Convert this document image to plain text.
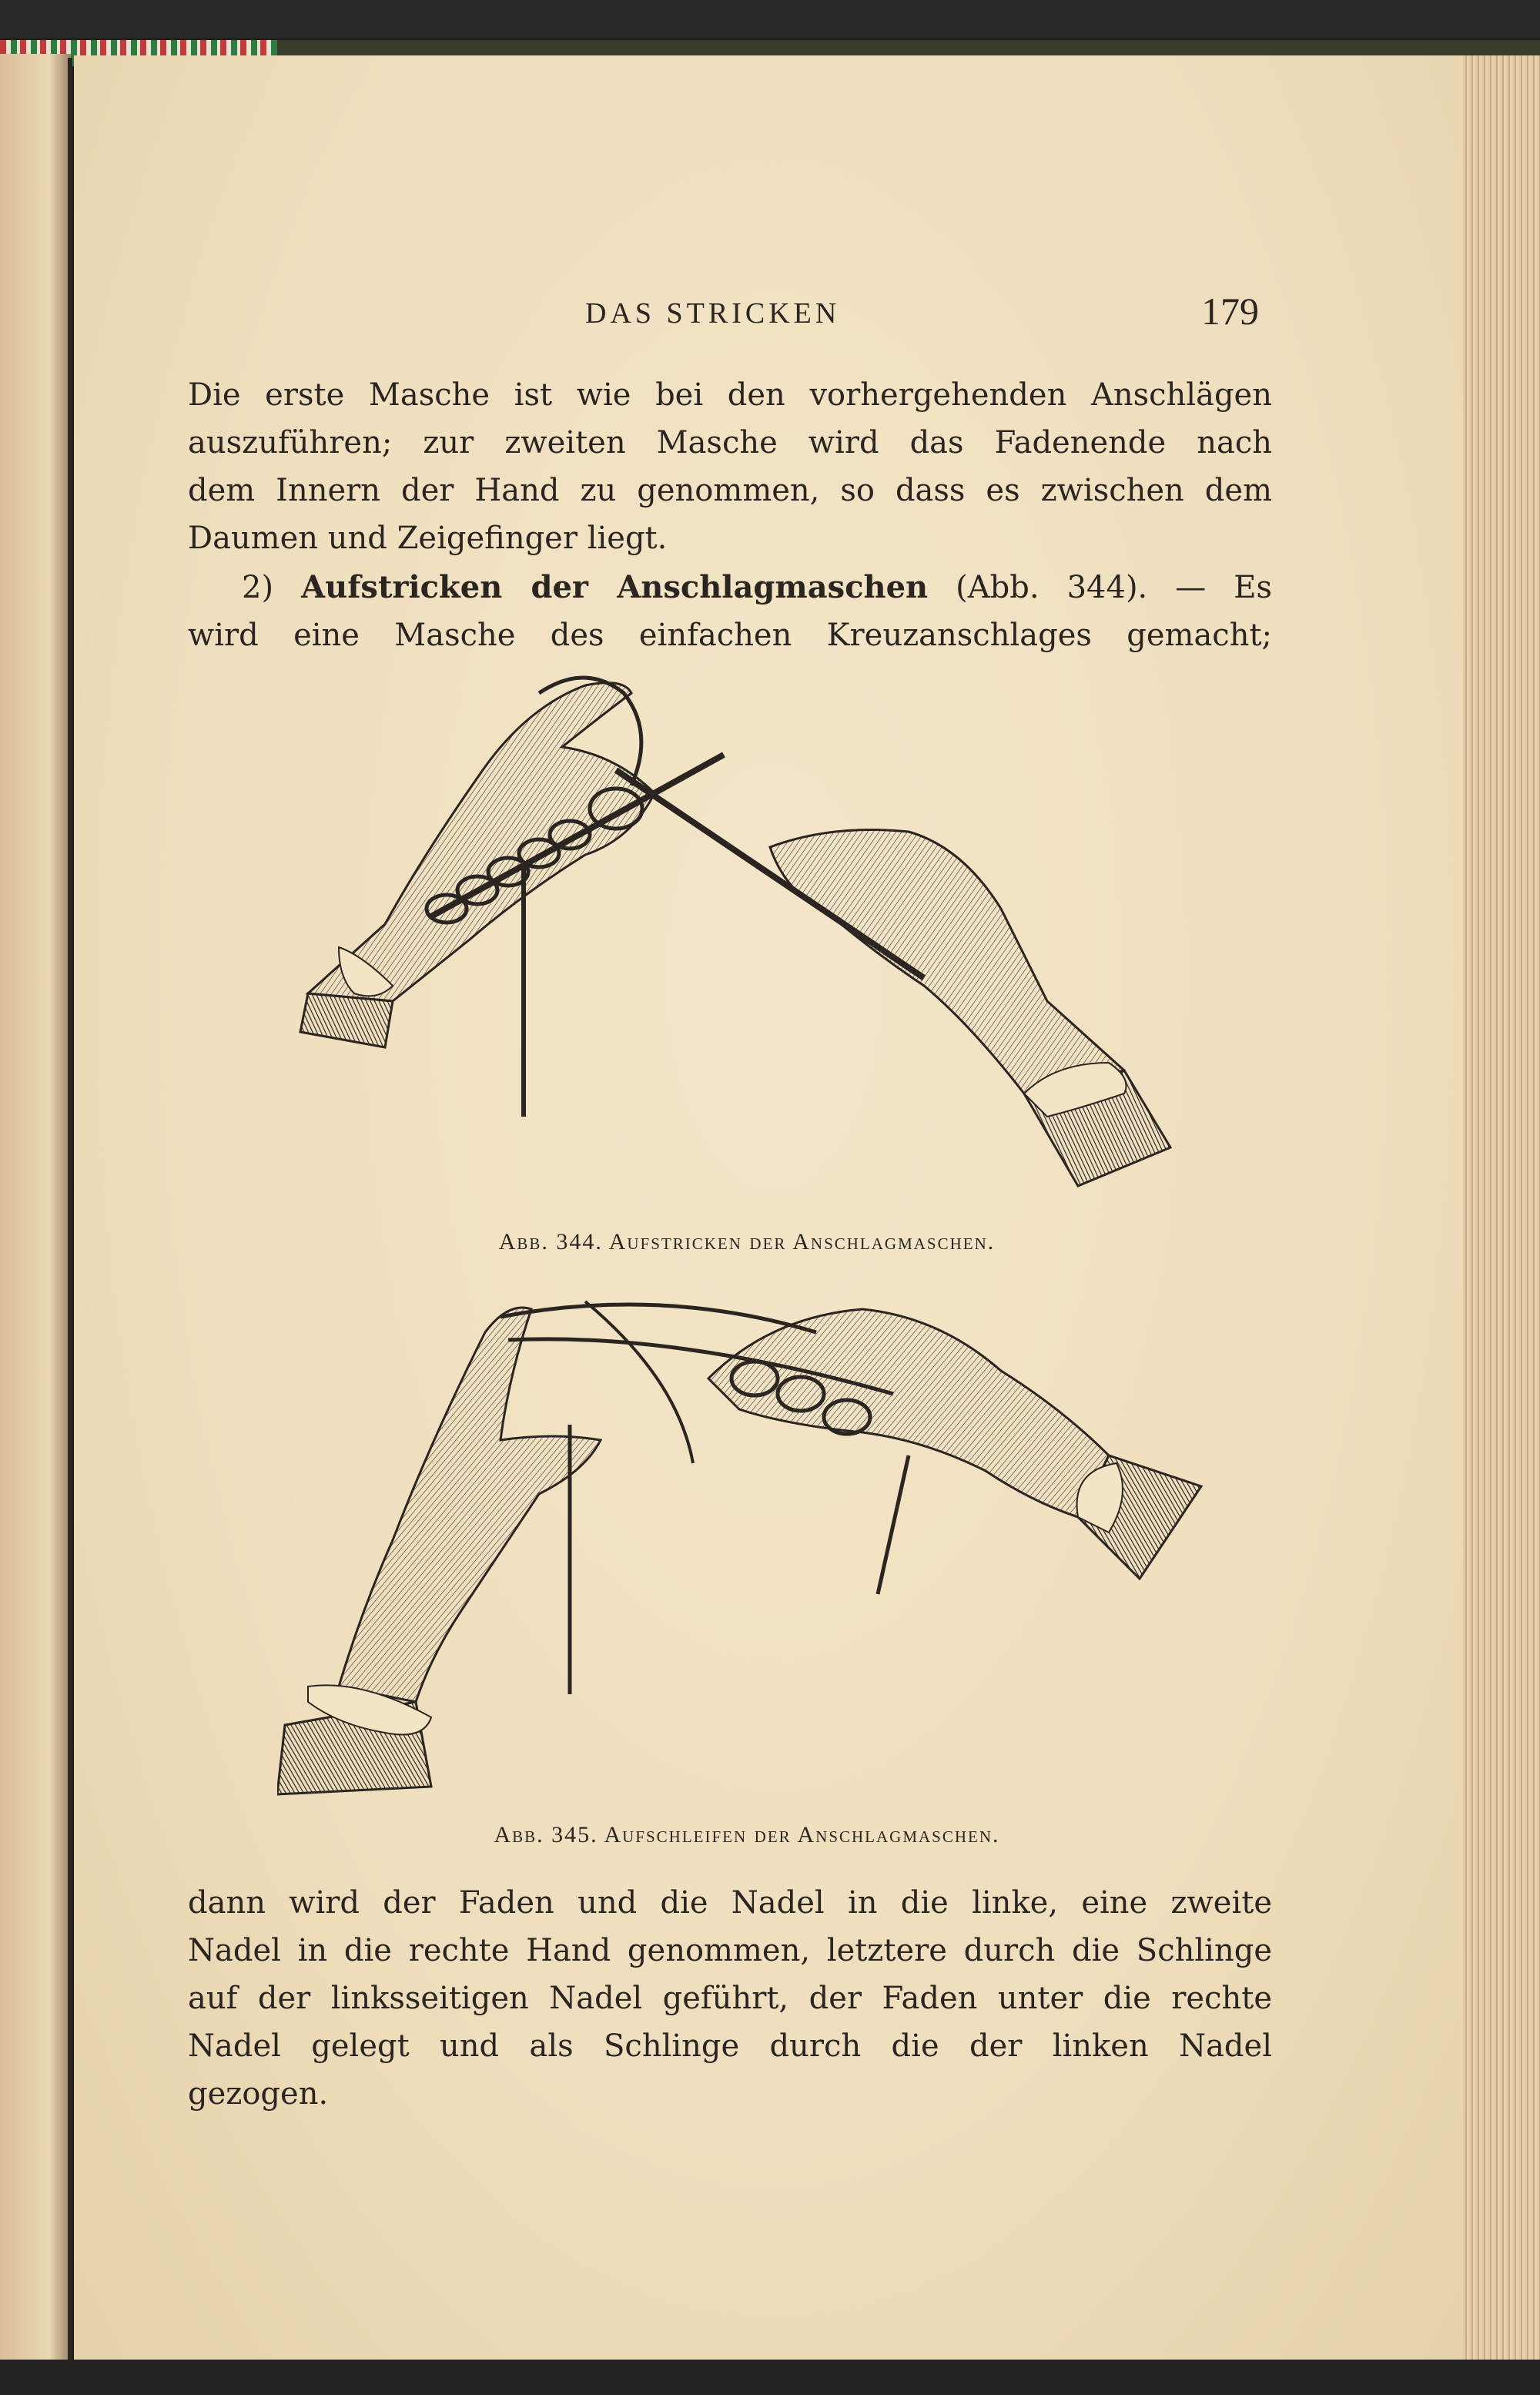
DAS STRICKEN	179
Die erste Masche ist wie bei den vorhergehenden Anschlägen
auszuführen; zur zweiten Masche wird das Fadenende nach
dem Innern der Hand zu genommen, so dass es zwischen dem
Daumen und Zeigefinger liegt.
2) Aufstricken der Anschlagmaschen (Abb. 344). — Es
wird eine Masche des einfachen Kreuzanschlages gemacht;
Abb. 344. Aufstricken der Anschlagmaschen.
Abb. 345. Aufschleifen der Anschlagmaschen.
dann wird der Faden und die Nadel in die linke, eine zweite
Nadel in die rechte Hand genommen, letztere durch die Schlinge
auf der linksseitigen Nadel geführt, der Faden unter die rechte
Nadel gelegt und als Schlinge durch die der linken Nadel
gezogen.
